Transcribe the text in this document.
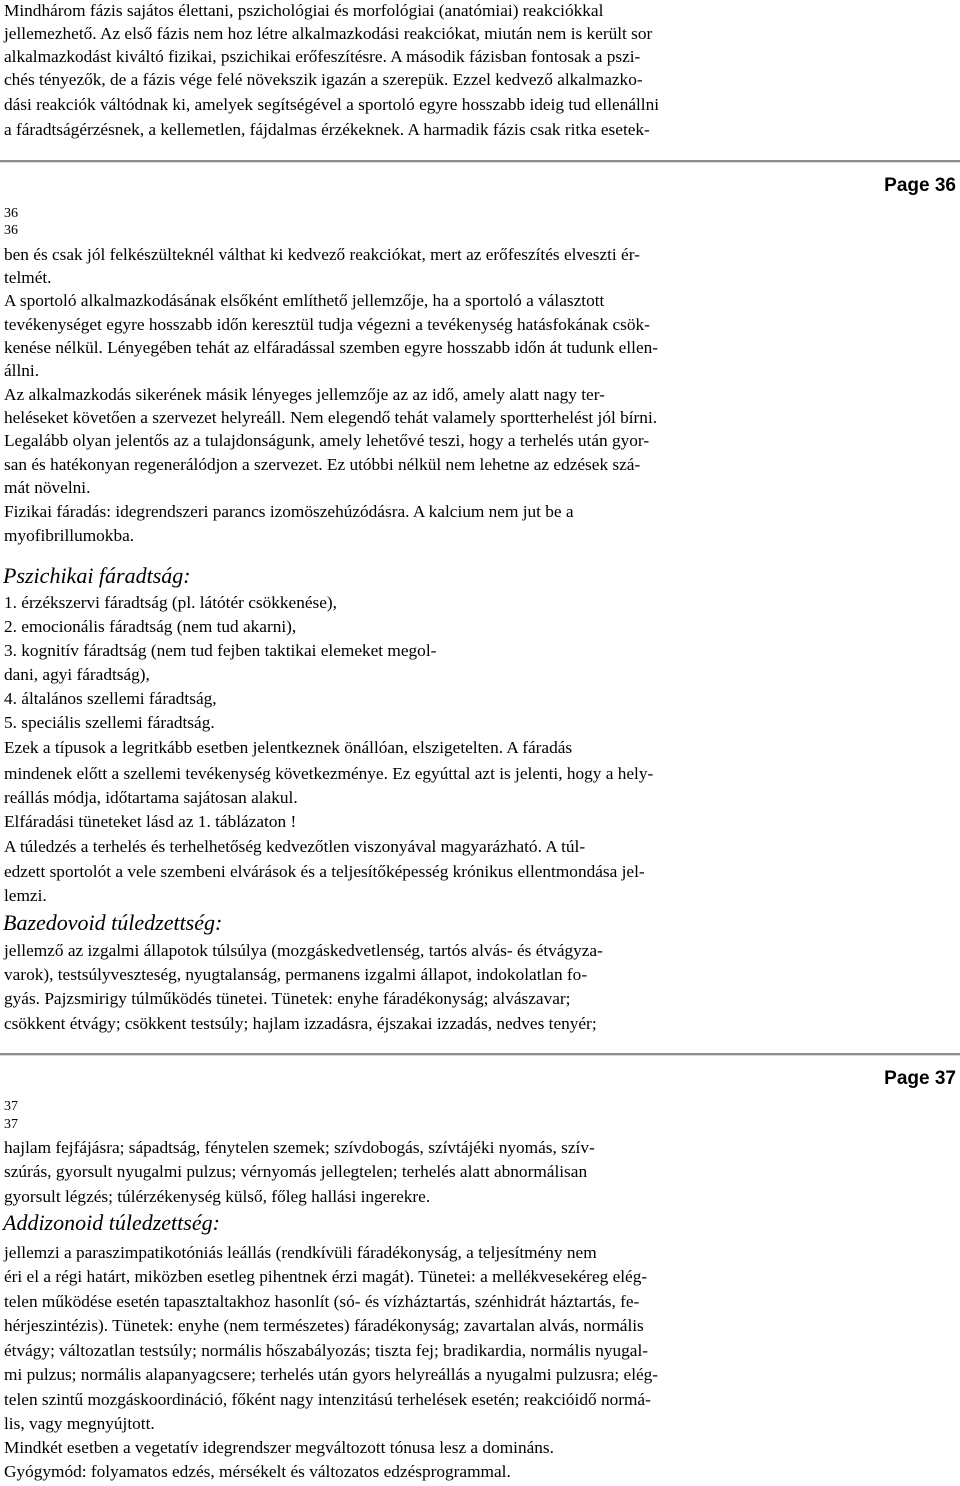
Mindhárom fázis sajátos élettani, pszichológiai és morfológiai (anatómiai) reakciókkal
jellemezhető. Az első fázis nem hoz létre alkalmazkodási reakciókat, miután nem is került sor
alkalmazkodást kiváltó fizikai, pszichikai erőfeszítésre. A második fázisban fontosak a pszi-
chés tényezők, de a fázis vége felé növekszik igazán a szerepük. Ezzel kedvező alkalmazko-
dási reakciók váltódnak ki, amelyek segítségével a sportoló egyre hosszabb ideig tud ellenállni
a fáradtságérzésnek, a kellemetlen, fájdalmas érzékeknek. A harmadik fázis csak ritka esetek-
Page 36
36
36
ben és csak jól felkészülteknél válthat ki kedvező reakciókat, mert az erőfeszítés elveszti ér-
telmét.
A sportoló alkalmazkodásának elsőként említhető jellemzője, ha a sportoló a választott
tevékenységet egyre hosszabb időn keresztül tudja végezni a tevékenység hatásfokának csök-
kenése nélkül. Lényegében tehát az elfáradással szemben egyre hosszabb időn át tudunk ellen-
állni.
Az alkalmazkodás sikerének másik lényeges jellemzője az az idő, amely alatt nagy ter-
heléseket követően a szervezet helyreáll. Nem elegendő tehát valamely sportterhelést jól bírni.
Legalább olyan jelentős az a tulajdonságunk, amely lehetővé teszi, hogy a terhelés után gyor-
san és hatékonyan regenerálódjon a szervezet. Ez utóbbi nélkül nem lehetne az edzések szá-
mát növelni.
Fizikai fáradás: idegrendszeri parancs izomöszehúzódásra. A kalcium nem jut be a
myofibrillumokba.
Pszichikai fáradtság:
1. érzékszervi fáradtság (pl. látótér csökkenése),
2. emocionális fáradtság (nem tud akarni),
3. kognitív fáradtság (nem tud fejben taktikai elemeket megol-
dani, agyi fáradtság),
4. általános szellemi fáradtság,
5. speciális szellemi fáradtság.
Ezek a típusok a legritkább esetben jelentkeznek önállóan, elszigetelten. A fáradás
mindenek előtt a szellemi tevékenység következménye. Ez egyúttal azt is jelenti, hogy a hely-
reállás módja, időtartama sajátosan alakul.
Elfáradási tüneteket lásd az 1. táblázaton !
A túledzés a terhelés és terhelhetőség kedvezőtlen viszonyával magyarázható. A túl-
edzett sportolót a vele szembeni elvárások és a teljesítőképesség krónikus ellentmondása jel-
lemzi.
Bazedovoid túledzettség:
jellemző az izgalmi állapotok túlsúlya (mozgáskedvetlenség, tartós alvás- és étvágyza-
varok), testsúlyveszteség, nyugtalanság, permanens izgalmi állapot, indokolatlan fo-
gyás. Pajzsmirigy túlműködés tünetei. Tünetek: enyhe fáradékonyság; alvászavar;
csökkent étvágy; csökkent testsúly; hajlam izzadásra, éjszakai izzadás, nedves tenyér;
Page 37
37
37
hajlam fejfájásra; sápadtság, fénytelen szemek; szívdobogás, szívtájéki nyomás, szív-
szúrás, gyorsult nyugalmi pulzus; vérnyomás jellegtelen; terhelés alatt abnormálisan
gyorsult légzés; túlérzékenység külső, főleg hallási ingerekre.
Addizonoid túledzettség:
jellemzi a paraszimpatikotóniás leállás (rendkívüli fáradékonyság, a teljesítmény nem
éri el a régi határt, miközben esetleg pihentnek érzi magát). Tünetei: a mellékvesekéreg elég-
telen működése esetén tapasztaltakhoz hasonlít (só- és vízháztartás, szénhidrát háztartás, fe-
hérjeszintézis). Tünetek: enyhe (nem természetes) fáradékonyság; zavartalan alvás, normális
étvágy; változatlan testsúly; normális hőszabályozás; tiszta fej; bradikardia, normális nyugal-
mi pulzus; normális alapanyagcsere; terhelés után gyors helyreállás a nyugalmi pulzusra; elég-
telen szintű mozgáskoordináció, főként nagy intenzitású terhelések esetén; reakcióidő normá-
lis, vagy megnyújtott.
Mindkét esetben a vegetatív idegrendszer megváltozott tónusa lesz a domináns.
Gyógymód: folyamatos edzés, mérsékelt és változatos edzésprogrammal.
